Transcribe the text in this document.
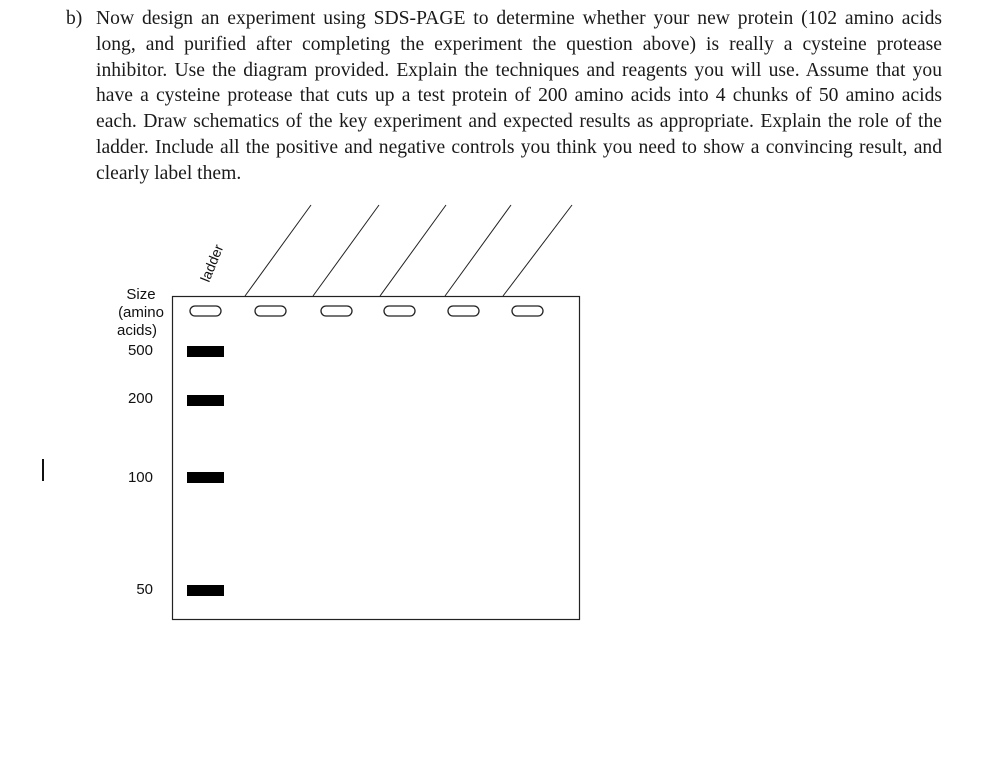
b) Now design an experiment using SDS-PAGE to determine whether your new protein (102 amino acids long, and purified after completing the experiment the question above) is really a cysteine protease inhibitor. Use the diagram provided. Explain the techniques and reagents you will use. Assume that you have a cysteine protease that cuts up a test protein of 200 amino acids into 4 chunks of 50 amino acids each. Draw schematics of the key experiment and expected results as appropriate. Explain the role of the ladder. Include all the positive and negative controls you think you need to show a convincing result, and clearly label them.
Size
(amino
acids)
ladder
500
200
100
50
